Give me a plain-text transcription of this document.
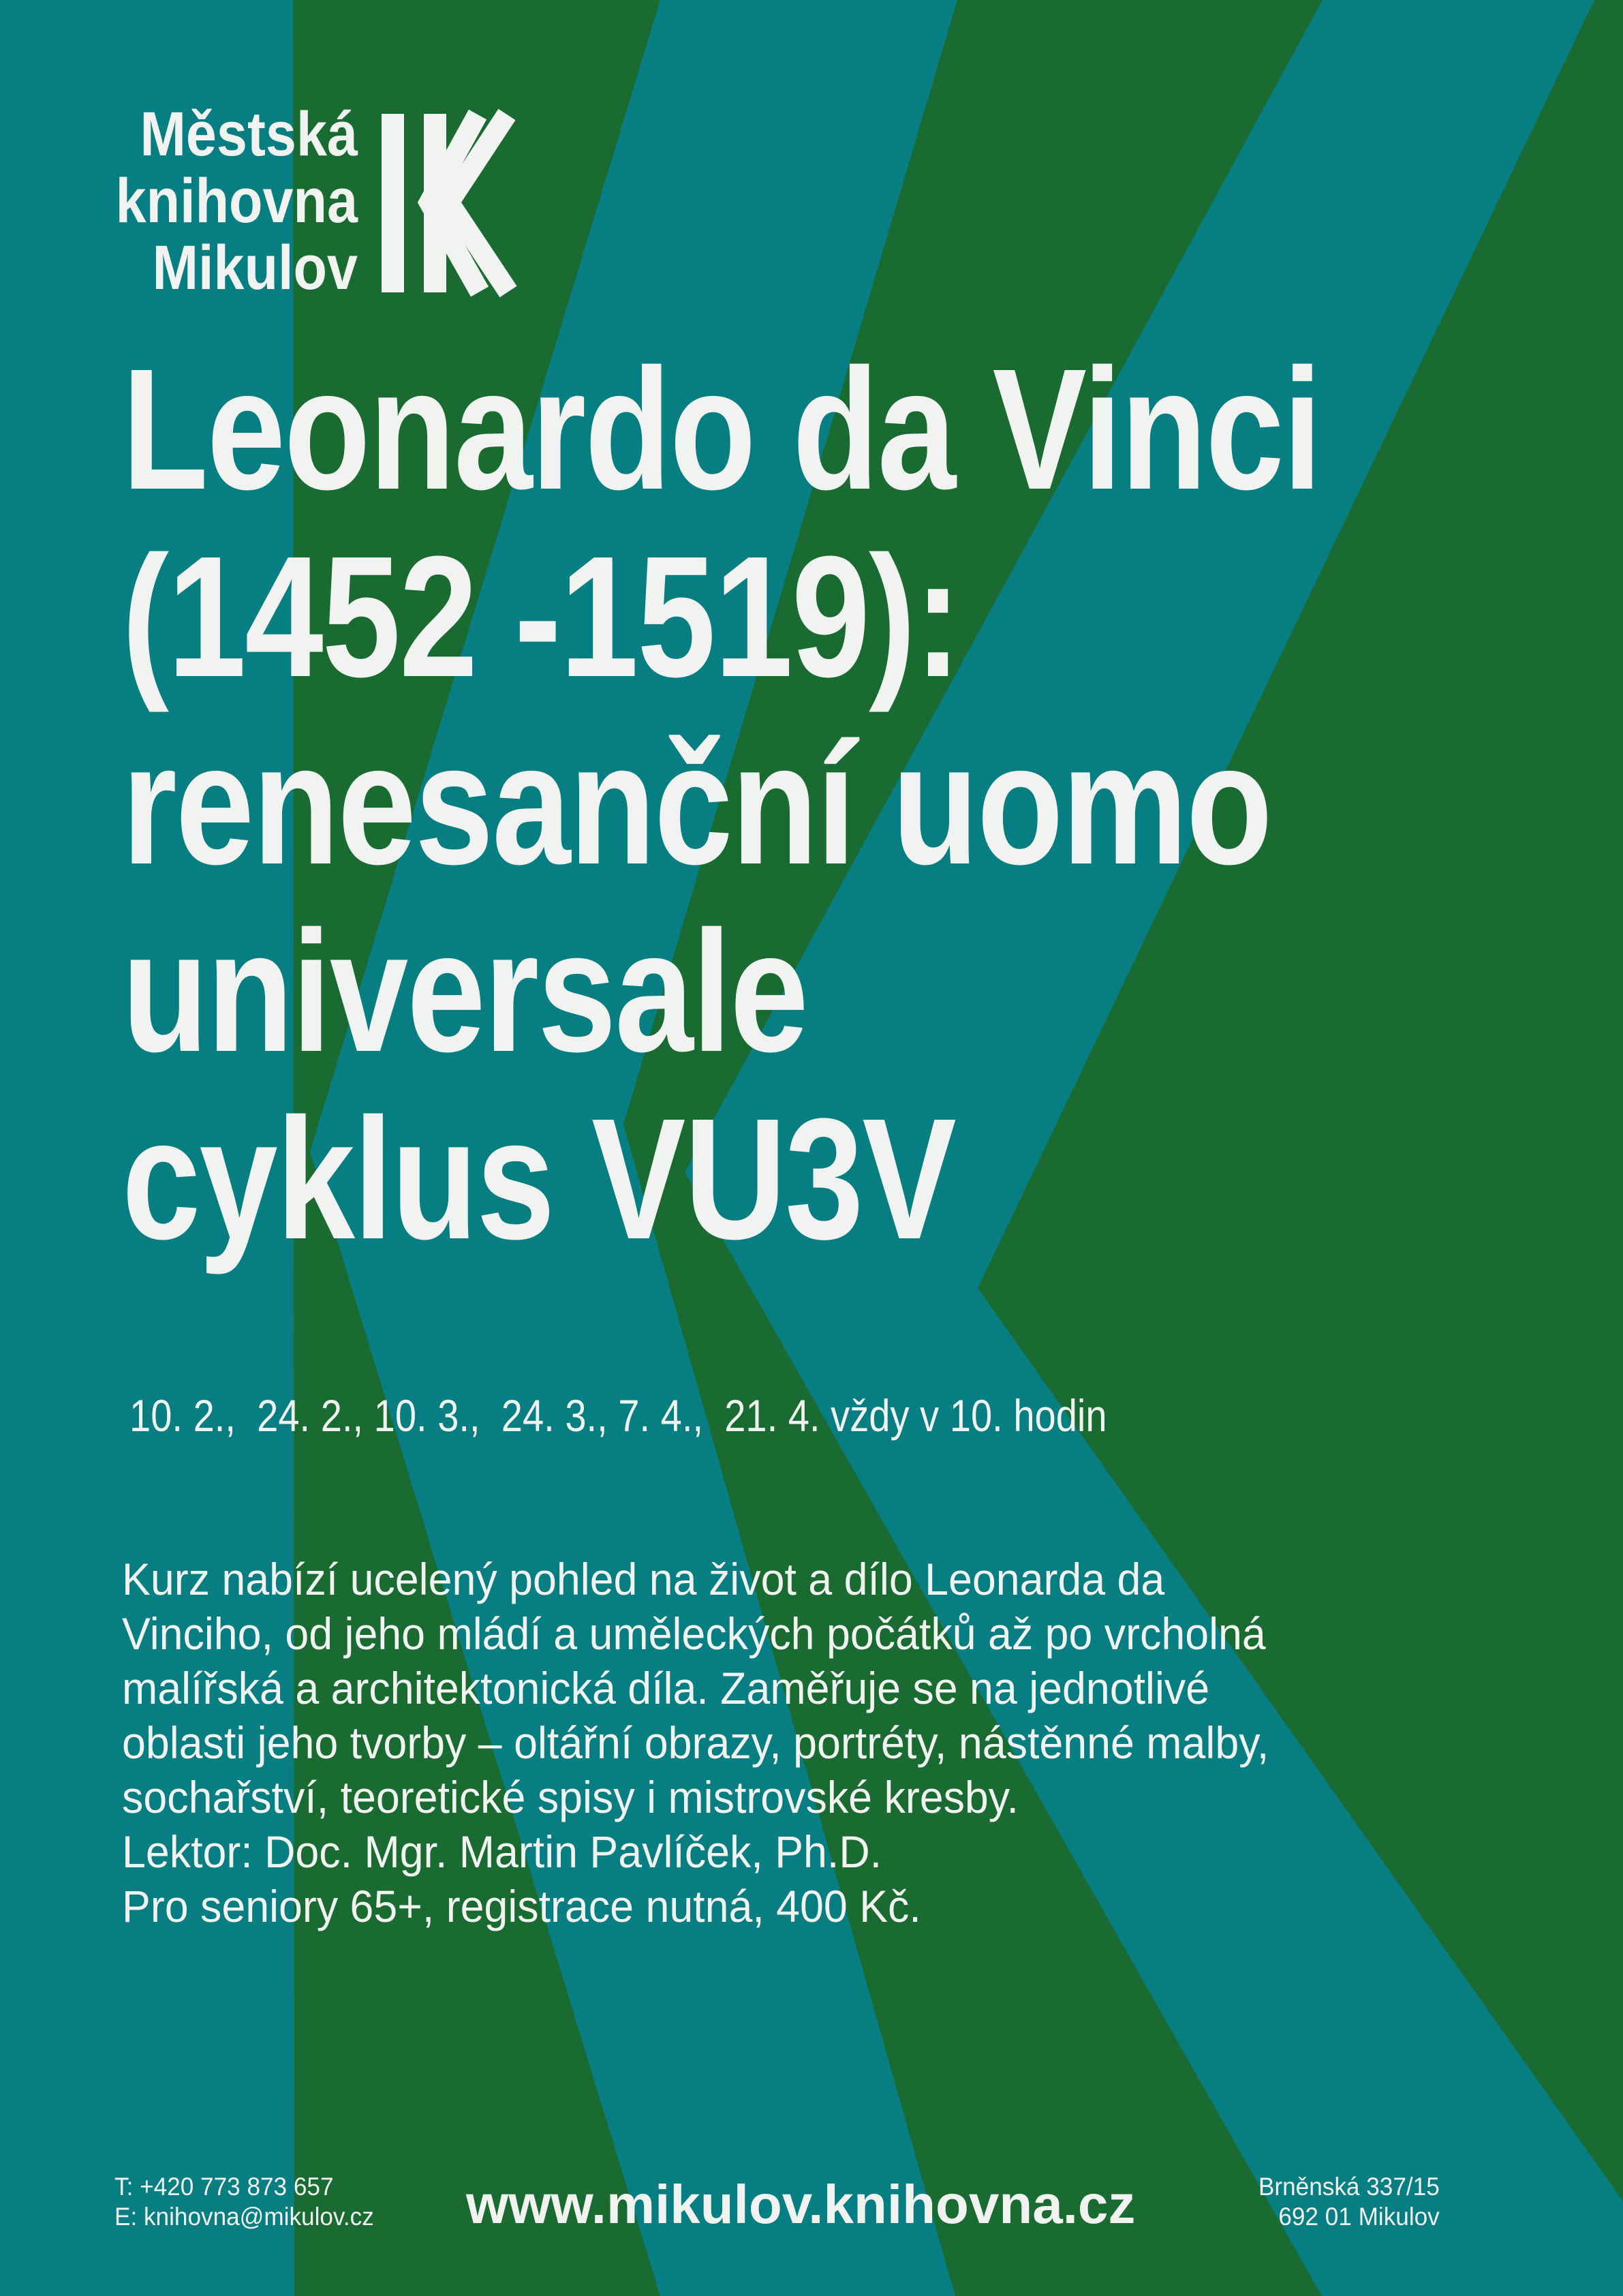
Městská
knihovna
Mikulov
Leonardo da Vinci
(1452 -1519):
renesanční uomo
universale
cyklus VU3V
10. 2.,  24. 2., 10. 3.,  24. 3., 7. 4.,  21. 4. vždy v 10. hodin
Kurz nabízí ucelený pohled na život a dílo Leonarda da
Vinciho, od jeho mládí a uměleckých počátků až po vrcholná
malířská a architektonická díla. Zaměřuje se na jednotlivé
oblasti jeho tvorby – oltářní obrazy, portréty, nástěnné malby,
sochařství, teoretické spisy i mistrovské kresby.
Lektor: Doc. Mgr. Martin Pavlíček, Ph.D.
Pro seniory 65+, registrace nutná, 400 Kč.
T: +420 773 873 657
E: knihovna@mikulov.cz www.mikulov.knihovna.cz	Brněnská 337/15
692 01 Mikulov
